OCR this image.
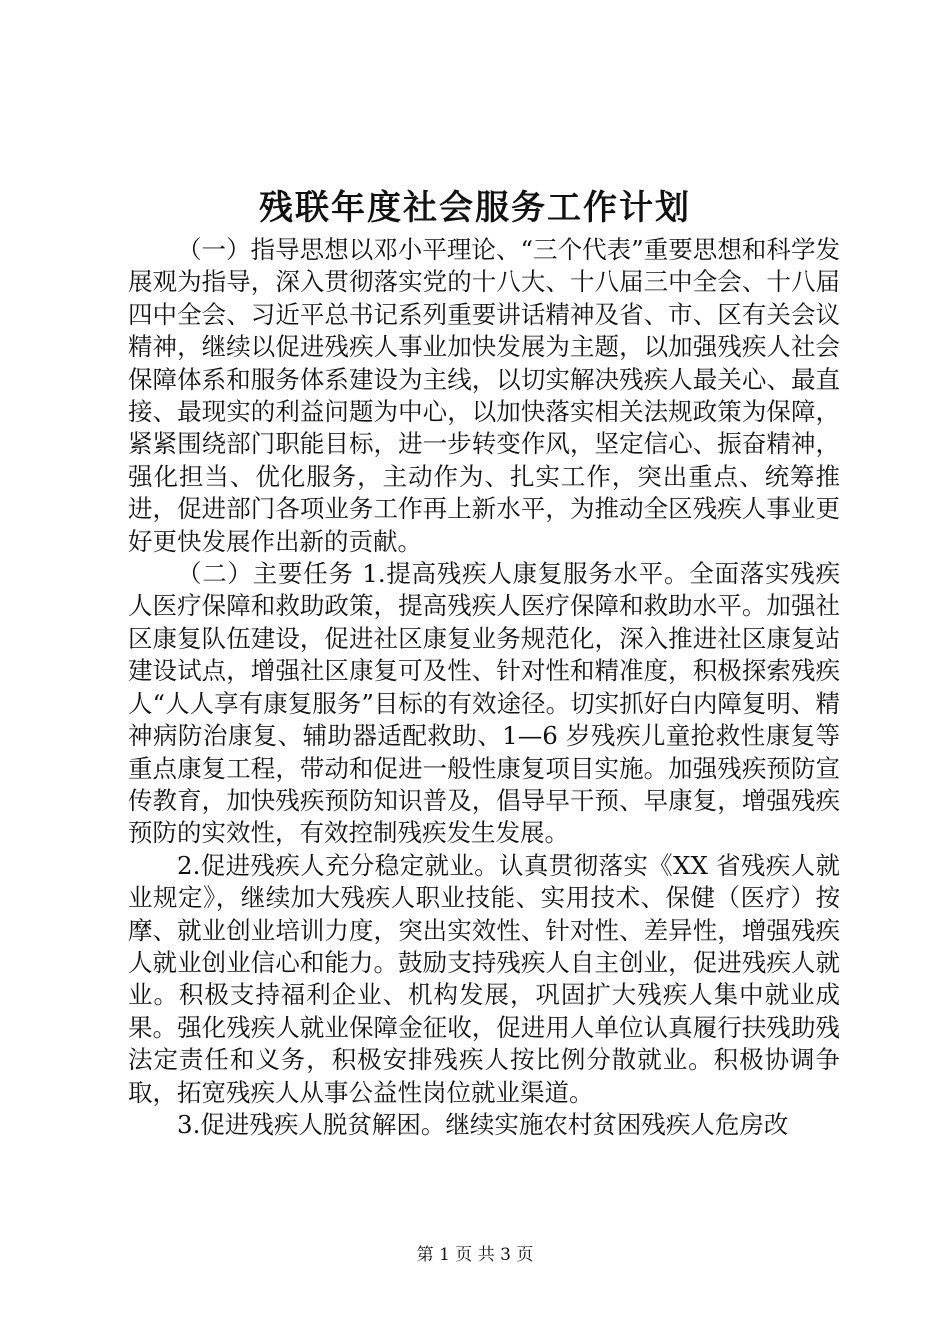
残联年度社会服务工作计划

（一）指导思想以邓小平理论、“三个代表”重要思想和科学发展观为指导，深入贯彻落实党的十八大、十八届三中全会、十八届四中全会、习近平总书记系列重要讲话精神及省、市、区有关会议精神，继续以促进残疾人事业加快发展为主题，以加强残疾人社会保障体系和服务体系建设为主线，以切实解决残疾人最关心、最直接、最现实的利益问题为中心，以加快落实相关法规政策为保障，紧紧围绕部门职能目标，进一步转变作风，坚定信心、振奋精神，强化担当、优化服务，主动作为、扎实工作，突出重点、统筹推进，促进部门各项业务工作再上新水平，为推动全区残疾人事业更好更快发展作出新的贡献。

（二）主要任务 1.提高残疾人康复服务水平。全面落实残疾人医疗保障和救助政策，提高残疾人医疗保障和救助水平。加强社区康复队伍建设，促进社区康复业务规范化，深入推进社区康复站建设试点，增强社区康复可及性、针对性和精准度，积极探索残疾人“人人享有康复服务”目标的有效途径。切实抓好白内障复明、精神病防治康复、辅助器适配救助、1—6 岁残疾儿童抢救性康复等重点康复工程，带动和促进一般性康复项目实施。加强残疾预防宣传教育，加快残疾预防知识普及，倡导早干预、早康复，增强残疾预防的实效性，有效控制残疾发生发展。

2.促进残疾人充分稳定就业。认真贯彻落实《XX 省残疾人就业规定》，继续加大残疾人职业技能、实用技术、保健（医疗）按摩、就业创业培训力度，突出实效性、针对性、差异性，增强残疾人就业创业信心和能力。鼓励支持残疾人自主创业，促进残疾人就业。积极支持福利企业、机构发展，巩固扩大残疾人集中就业成果。强化残疾人就业保障金征收，促进用人单位认真履行扶残助残法定责任和义务，积极安排残疾人按比例分散就业。积极协调争取，拓宽残疾人从事公益性岗位就业渠道。

3.促进残疾人脱贫解困。继续实施农村贫困残疾人危房改

第 1 页 共 3 页
